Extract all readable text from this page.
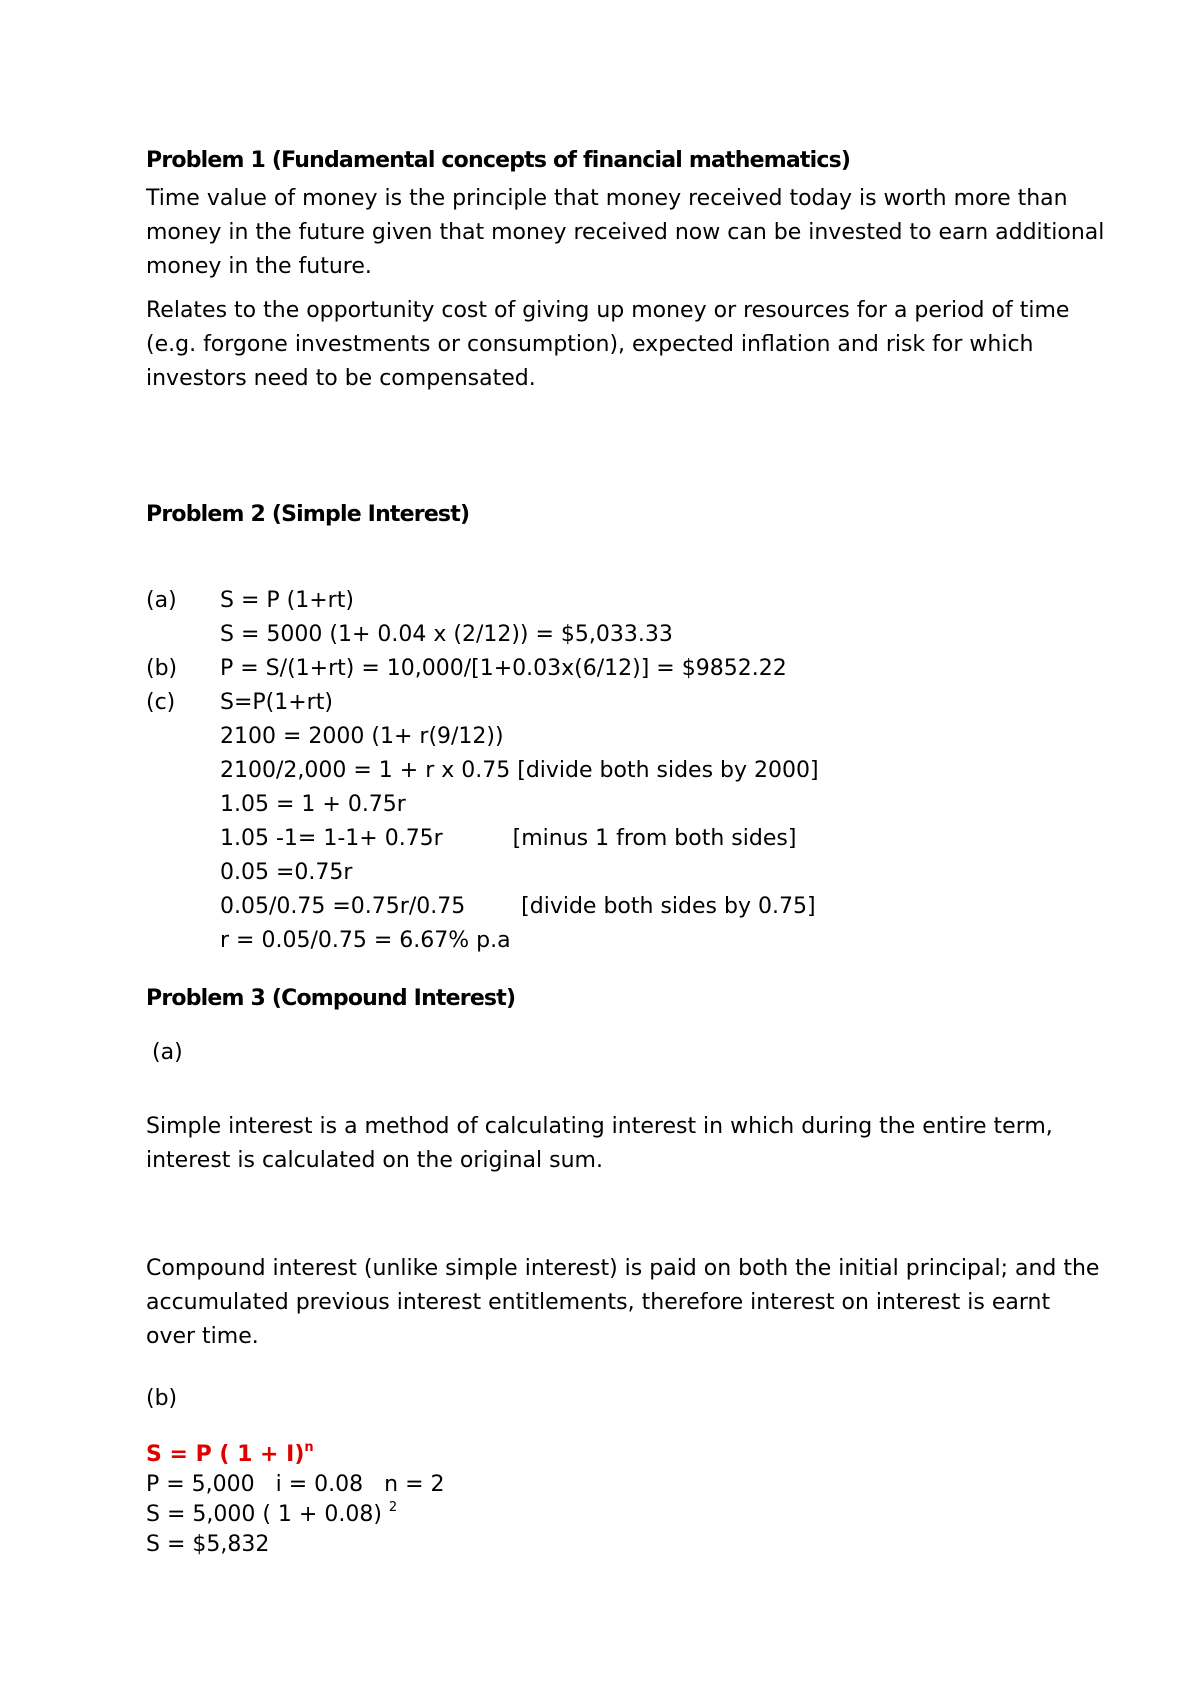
Problem 1 (Fundamental concepts of financial mathematics)
Time value of money is the principle that money received today is worth more than money in the future given that money received now can be invested to earn additional money in the future.
Relates to the opportunity cost of giving up money or resources for a period of time (e.g. forgone investments or consumption), expected inflation and risk for which investors need to be compensated.
Problem 2 (Simple Interest)
(a) S = P (1+rt)
S = 5000 (1+ 0.04 x (2/12)) = $5,033.33
(b) P = S/(1+rt) = 10,000/[1+0.03x(6/12)] = $9852.22
(c) S=P(1+rt)
2100 = 2000 (1+ r(9/12))
2100/2,000 = 1 + r x 0.75 [divide both sides by 2000]
1.05 = 1 + 0.75r
1.05 -1= 1-1+ 0.75r          [minus 1 from both sides]
0.05 =0.75r
0.05/0.75 =0.75r/0.75        [divide both sides by 0.75]
r = 0.05/0.75 = 6.67% p.a
Problem 3 (Compound Interest)
(a)
Simple interest is a method of calculating interest in which during the entire term, interest is calculated on the original sum.
Compound interest (unlike simple interest) is paid on both the initial principal; and the accumulated previous interest entitlements, therefore interest on interest is earnt over time.
(b)
S = P ( 1 + I)$^n$
P = 5,000   i = 0.08   n = 2
S = 5,000 ( 1 + 0.08) $^2$
S = $5,832
